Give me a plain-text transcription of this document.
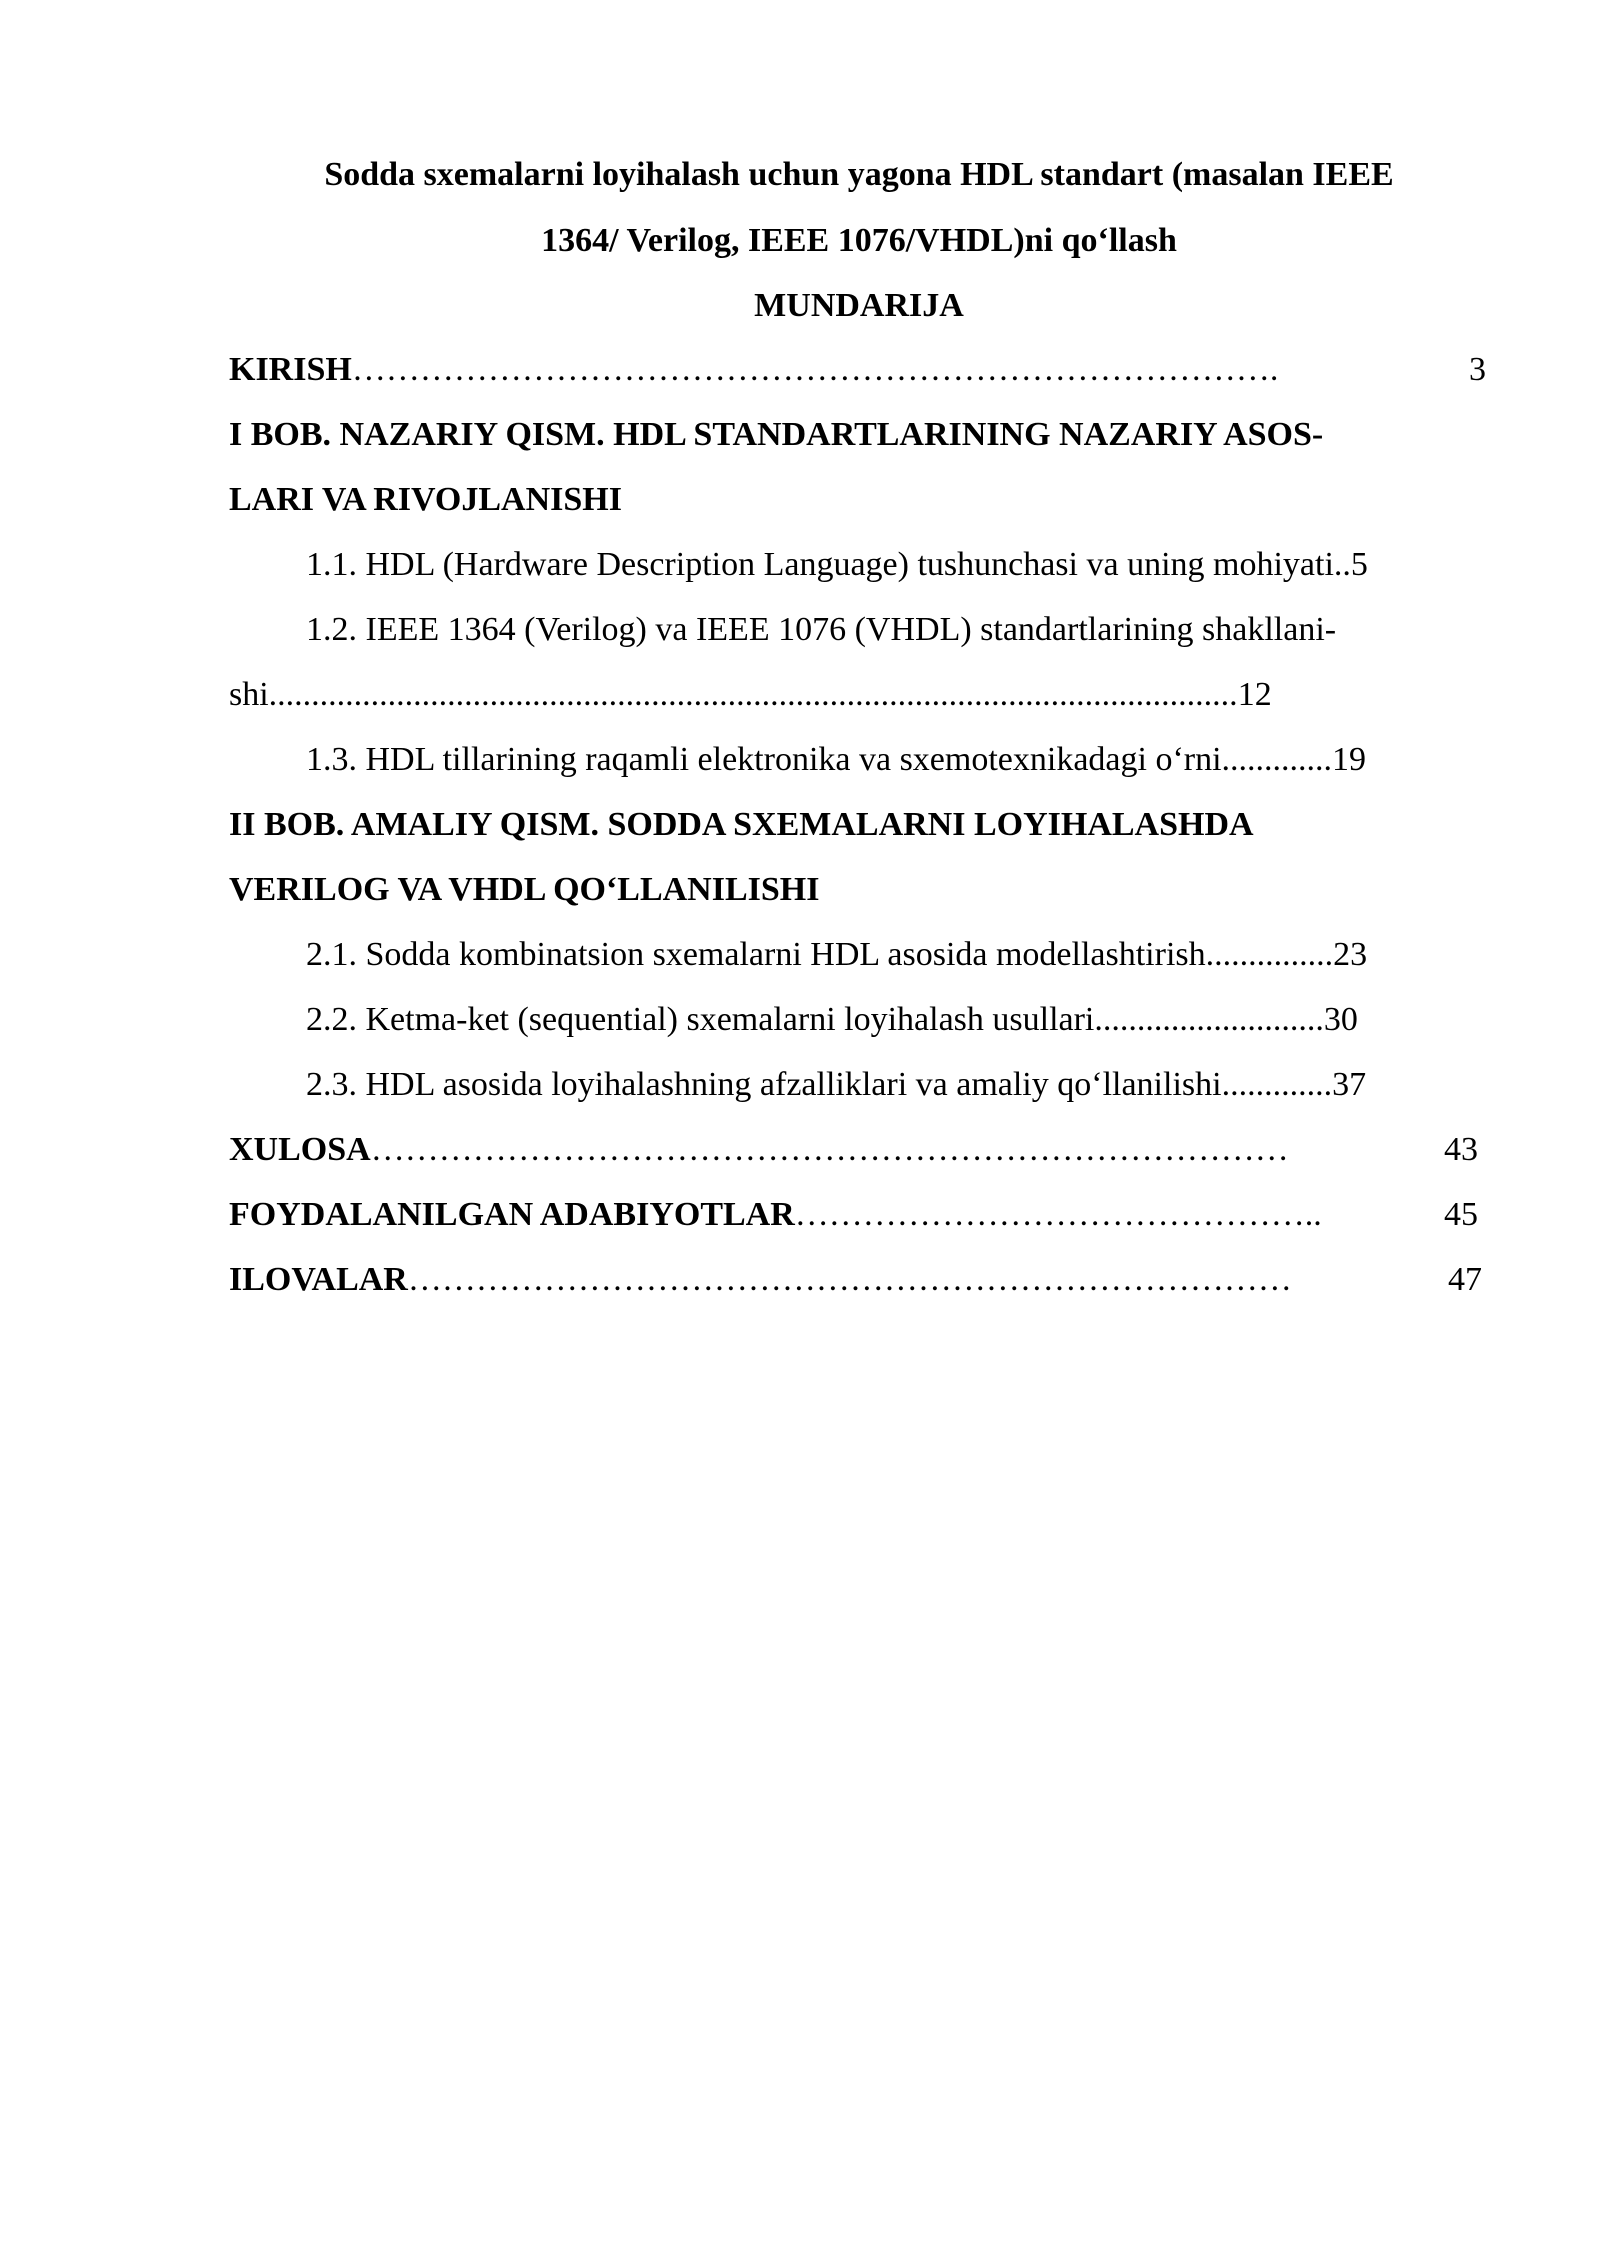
Sodda sxemalarni loyihalash uchun yagona HDL standart (masalan IEEE
1364/ Verilog, IEEE 1076/VHDL)ni qo‘llash
MUNDARIJA
KIRISH……………………………………………………………………….	3
I BOB. NAZARIY QISM. HDL STANDARTLARINING NAZARIY ASOS-
LARI VA RIVOJLANISHI
1.1. HDL (Hardware Description Language) tushunchasi va uning mohiyati..5
1.2. IEEE 1364 (Verilog) va IEEE 1076 (VHDL) standartlarining shakllani-
shi..................................................................................................................12
1.3. HDL tillarining raqamli elektronika va sxemotexnikadagi o‘rni.............19
II BOB. AMALIY QISM. SODDA SXEMALARNI LOYIHALASHDA
VERILOG VA VHDL QO‘LLANILISHI
2.1. Sodda kombinatsion sxemalarni HDL asosida modellashtirish...............23
2.2. Ketma-ket (sequential) sxemalarni loyihalash usullari...........................30
2.3. HDL asosida loyihalashning afzalliklari va amaliy qo‘llanilishi.............37
XULOSA………………………………………………………………………	43
FOYDALANILGAN ADABIYOTLAR………………………………………..	45
ILOVALAR……………………………………………………………………	47
